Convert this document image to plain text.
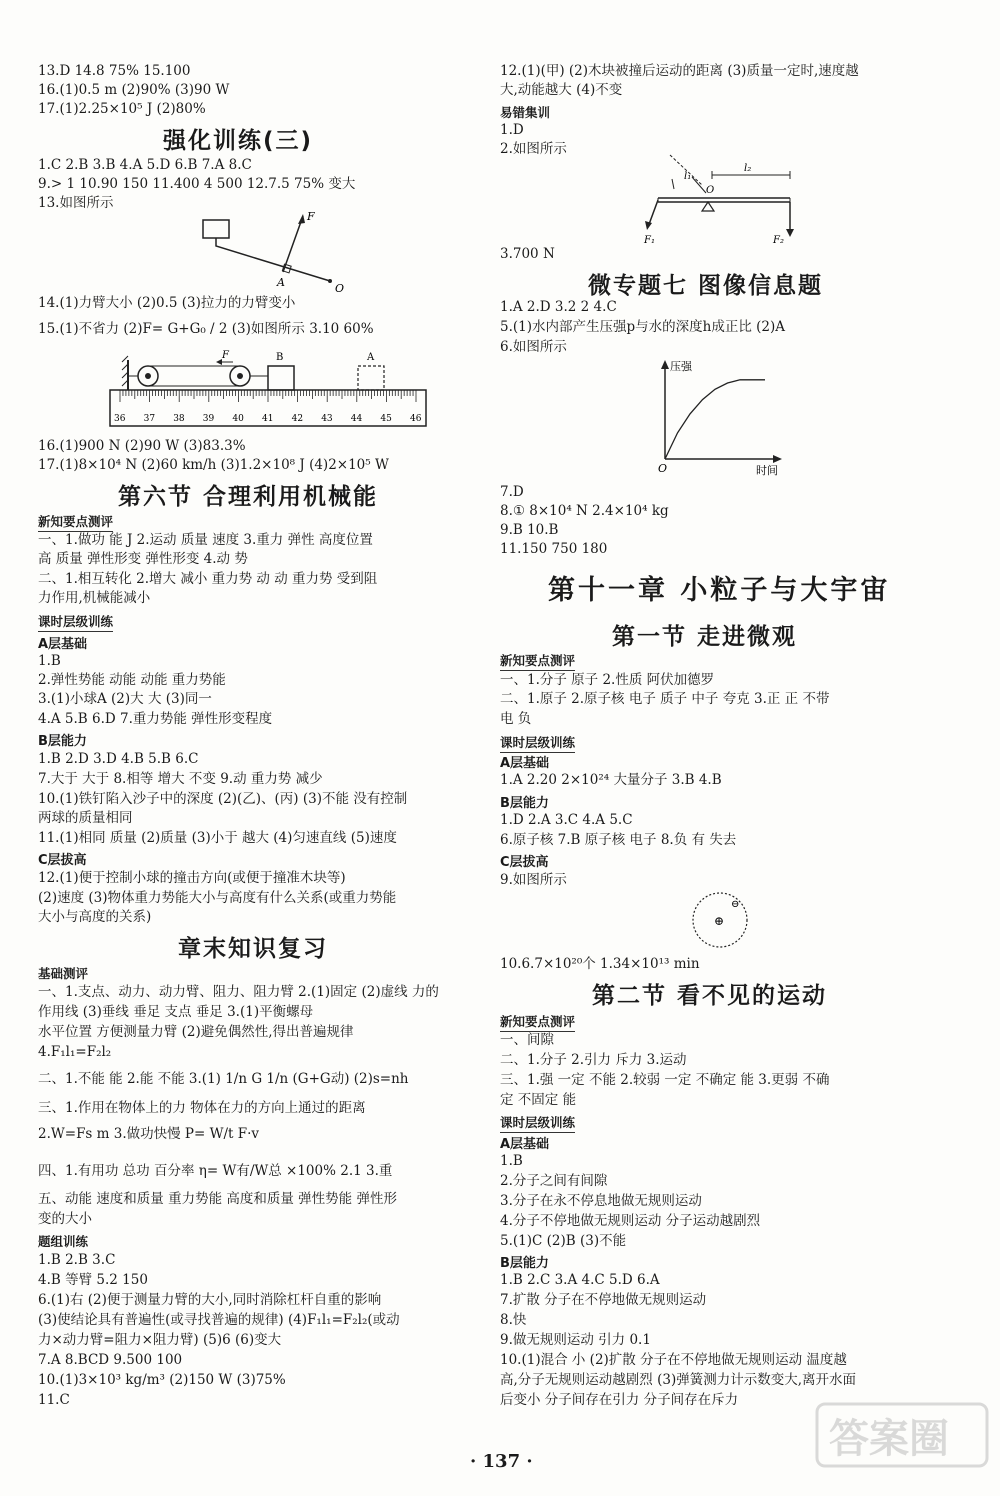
13.D 14.8 75% 15.100
16.(1)0.5 m (2)90% (3)90 W
17.(1)2.25×10⁵ J (2)80%
强化训练(三)
1.C 2.B 3.B 4.A 5.D 6.B 7.A 8.C
9.> 1 10.90 150 11.400 4 500 12.7.5 75% 变大
13.如图所示
F
A	O
14.(1)力臂大小 (2)0.5 (3)拉力的力臂变小
15.(1)不省力 (2)F= G+G₀ / 2 (3)如图所示 3.10 60%
F	B	A
36 37 38 39 40 41 42 43 44 45 46
16.(1)900 N (2)90 W (3)83.3%
17.(1)8×10⁴ N (2)60 km/h (3)1.2×10⁸ J (4)2×10⁵ W
第六节 合理利用机械能
新知要点测评
一、1.做功 能 J 2.运动 质量 速度 3.重力 弹性 高度位置
高 质量 弹性形变 弹性形变 4.动 势
二、1.相互转化 2.增大 减小 重力势 动 动 重力势 受到阻
力作用,机械能减小
课时层级训练
A层基础
1.B
2.弹性势能 动能 动能 重力势能
3.(1)小球A (2)大 大 (3)同一
4.A 5.B 6.D 7.重力势能 弹性形变程度
B层能力
1.B 2.D 3.D 4.B 5.B 6.C
7.大于 大于 8.相等 增大 不变 9.动 重力势 减少
10.(1)铁钉陷入沙子中的深度 (2)(乙)、(丙) (3)不能 没有控制
两球的质量相同
11.(1)相同 质量 (2)质量 (3)小于 越大 (4)匀速直线 (5)速度
C层拔高
12.(1)便于控制小球的撞击方向(或便于撞准木块等)
(2)速度 (3)物体重力势能大小与高度有什么关系(或重力势能
大小与高度的关系)
章末知识复习
基础测评
一、1.支点、动力、动力臂、阻力、阻力臂 2.(1)固定 (2)虚线 力的
作用线 (3)垂线 垂足 支点 垂足 3.(1)平衡螺母
水平位置 方便测量力臂 (2)避免偶然性,得出普遍规律
4.F₁l₁=F₂l₂
二、1.不能 能 2.能 不能 3.(1) 1/n G 1/n (G+G动) (2)s=nh
三、1.作用在物体上的力 物体在力的方向上通过的距离
2.W=Fs m 3.做功快慢 P= W/t F·v
四、1.有用功 总功 百分率 η= W有/W总 ×100% 2.1 3.重
五、动能 速度和质量 重力势能 高度和质量 弹性势能 弹性形
变的大小
题组训练
1.B 2.B 3.C
4.B 等臂 5.2 150
6.(1)右 (2)便于测量力臂的大小,同时消除杠杆自重的影响
(3)使结论具有普遍性(或寻找普遍的规律) (4)F₁l₁=F₂l₂(或动
力×动力臂=阻力×阻力臂) (5)6 (6)变大
7.A 8.BCD 9.500 100
10.(1)3×10³ kg/m³ (2)150 W (3)75%
11.C
12.(1)(甲) (2)木块被撞后运动的距离 (3)质量一定时,速度越
大,动能越大 (4)不变
易错集训
1.D
2.如图所示
l₁
l₂
O
F₁	F₂
3.700 N
微专题七 图像信息题
1.A 2.D 3.2 2 4.C
5.(1)水内部产生压强p与水的深度h成正比 (2)A
6.如图所示
压强
O	时间
7.D
8.① 8×10⁴ N 2.4×10⁴ kg
9.B 10.B
11.150 750 180
第十一章 小粒子与大宇宙
第一节 走进微观
新知要点测评
一、1.分子 原子 2.性质 阿伏加德罗
二、1.原子 2.原子核 电子 质子 中子 夸克 3.正 正 不带
电 负
课时层级训练
A层基础
1.A 2.20 2×10²⁴ 大量分子 3.B 4.B
B层能力
1.D 2.A 3.C 4.A 5.C
6.原子核 7.B 原子核 电子 8.负 有 失去
C层拔高
9.如图所示
⊕
⊖
10.6.7×10²⁰个 1.34×10¹³ min
第二节 看不见的运动
新知要点测评
一、间隙
二、1.分子 2.引力 斥力 3.运动
三、1.强 一定 不能 2.较弱 一定 不确定 能 3.更弱 不确
定 不固定 能
课时层级训练
A层基础
1.B
2.分子之间有间隙
3.分子在永不停息地做无规则运动
4.分子不停地做无规则运动 分子运动越剧烈
5.(1)C (2)B (3)不能
B层能力
1.B 2.C 3.A 4.C 5.D 6.A
7.扩散 分子在不停地做无规则运动
8.快
9.做无规则运动 引力 0.1
10.(1)混合 小 (2)扩散 分子在不停地做无规则运动 温度越
高,分子无规则运动越剧烈 (3)弹簧测力计示数变大,离开水面
后变小 分子间存在引力 分子间存在斥力
· 137 ·	答案圈
